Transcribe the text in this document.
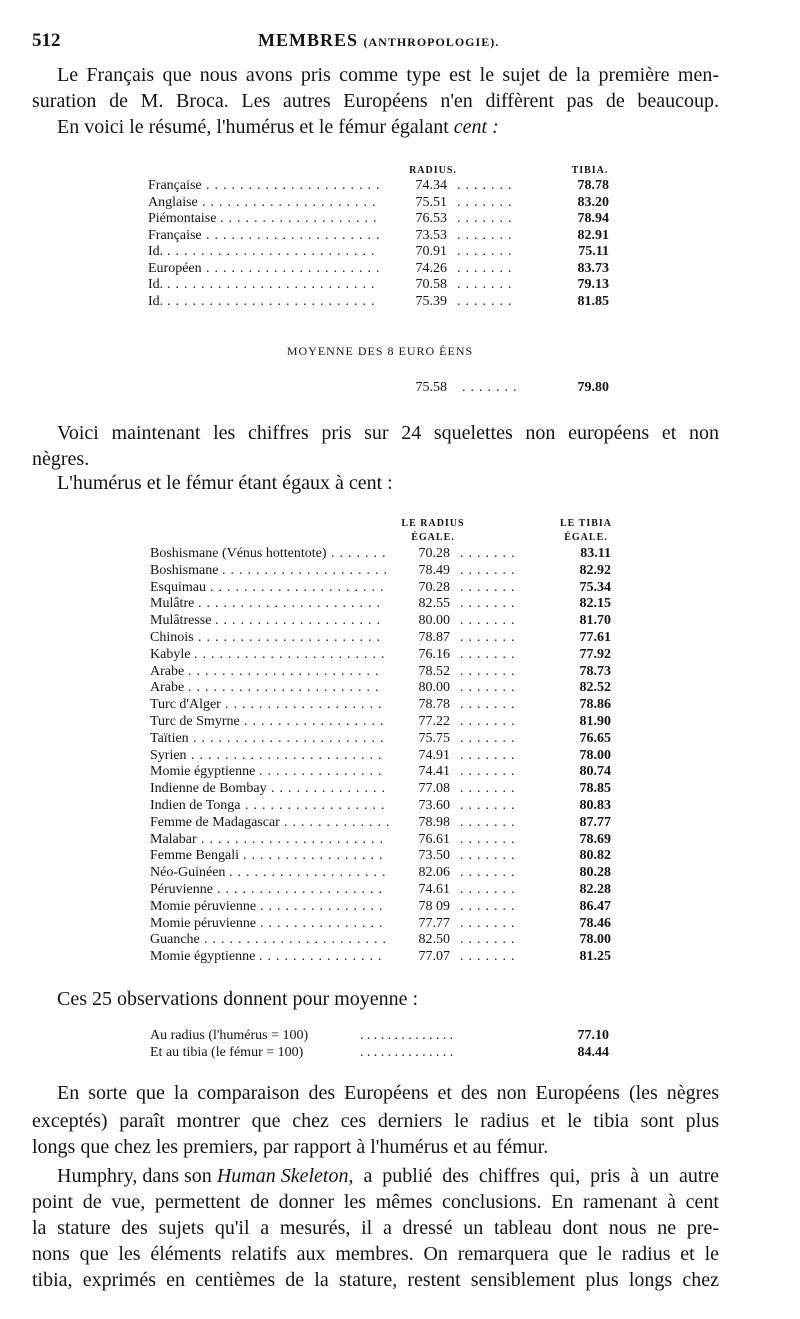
512	MEMBRES (ANTHROPOLOGIE).
Le Français que nous avons pris comme type est le sujet de la première men-
suration de M. Broca. Les autres Européens n'en diffèrent pas de beaucoup.
En voici le résumé, l'humérus et le fémur égalant cent :
RADIUS.	TIBIA.
Française .....................	74.34 .......	78.78
Anglaise .....................	75.51 .......	83.20
Piémontaise ...................	76.53 .......	78.94
Française .....................	73.53 .......	82.91
Id. .........................	70.91 .......	75.11
Européen .....................	74.26 .......	83.73
Id. .........................	70.58 .......	79.13
Id. .........................	75.39 .......	81.85
MOYENNE DES 8 EURO ÉENS
75.58 .......	79.80
Voici maintenant les chiffres pris sur 24 squelettes non européens et non
nègres.
L'humérus et le fémur étant égaux à cent :
LE RADIUS
ÉGALE.
LE TIBIA
ÉGALE.
Boshismane (Vénus hottentote) .......	70.28 .......	83.11
Boshismane ....................	78.49 .......	82.92
Esquimau .....................	70.28 .......	75.34
Mulâtre ......................	82.55 .......	82.15
Mulâtresse ....................	80.00 .......	81.70
Chinois ......................	78.87 .......	77.61
Kabyle .......................	76.16 .......	77.92
Arabe .......................	78.52 .......	78.73
Arabe .......................	80.00 .......	82.52
Turc d'Alger ...................	78.78 .......	78.86
Turc de Smyrne .................	77.22 .......	81.90
Taïtien .......................	75.75 .......	76.65
Syrien .......................	74.91 .......	78.00
Momie égyptienne ...............	74.41 .......	80.74
Indienne de Bombay ..............	77.08 .......	78.85
Indien de Tonga .................	73.60 .......	80.83
Femme de Madagascar .............	78.98 .......	87.77
Malabar ......................	76.61 .......	78.69
Femme Bengali .................	73.50 .......	80.82
Néo-Guinéen ...................	82.06 .......	80.28
Péruvienne ....................	74.61 .......	82.28
Momie péruvienne ...............	78 09 .......	86.47
Momie péruvienne ...............	77.77 .......	78.46
Guanche ......................	82.50 .......	78.00
Momie égyptienne ...............	77.07 .......	81.25
Ces 25 observations donnent pour moyenne :
Au radius (l'humérus = 100)	..............	77.10
Et au tibia (le fémur = 100)	..............	84.44
En sorte que la comparaison des Européens et des non Européens (les nègres
exceptés) paraît montrer que chez ces derniers le radius et le tibia sont plus
longs que chez les premiers, par rapport à l'humérus et au fémur.
Humphry, dans son Human Skeleton, a publié des chiffres qui, pris à un autre
point de vue, permettent de donner les mêmes conclusions. En ramenant à cent
la stature des sujets qu'il a mesurés, il a dressé un tableau dont nous ne pre-
nons que les éléments relatifs aux membres. On remarquera que le radius et le
tibia, exprimés en centièmes de la stature, restent sensiblement plus longs chez
